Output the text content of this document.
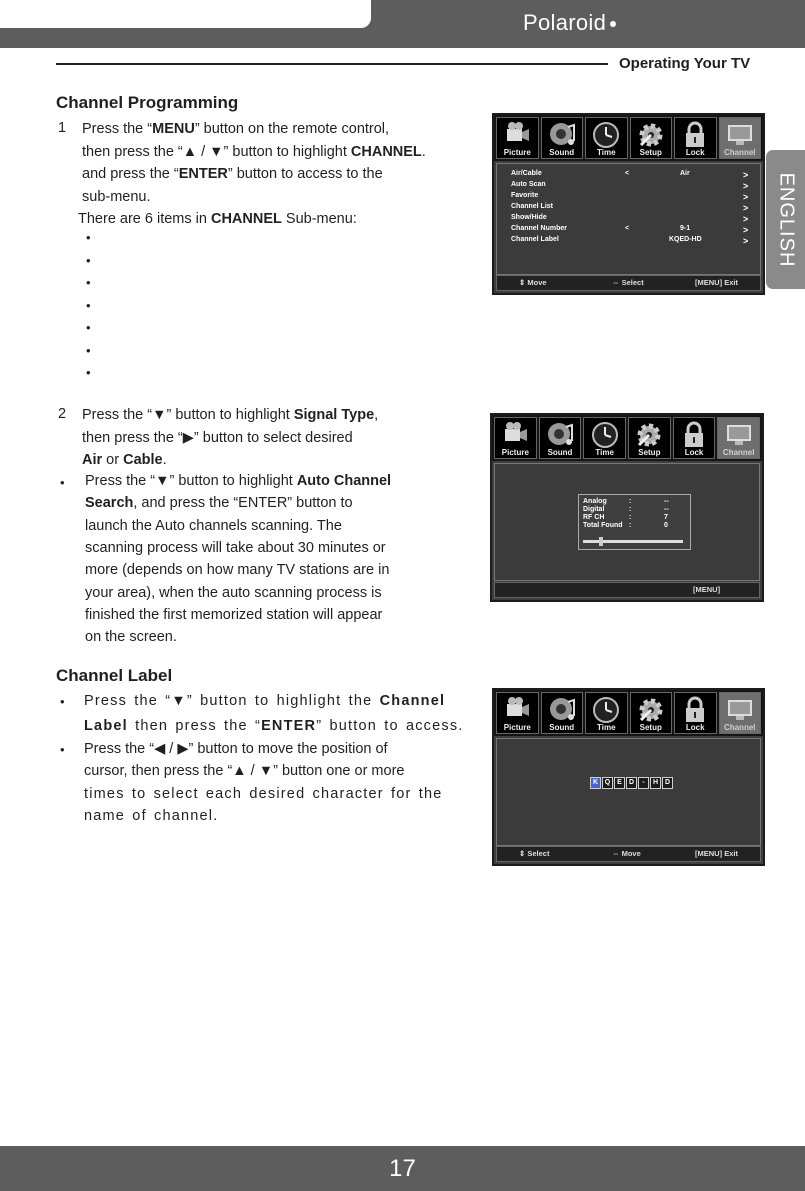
Polaroid
Operating Your TV
ENGLISH
Channel Programming
1 Press the “MENU” button on the remote control,
then press the “▲ / ▼” button to highlight CHANNEL.
and press the “ENTER” button to access to the
sub-menu.
There are 6 items in CHANNEL Sub-menu:
•
•
•
•
•
•
•
2 Press the “▼” button to highlight Signal Type,
then press the “▶” button to select desired
Air or Cable.
• Press the “▼” button to highlight Auto Channel
Search, and press the “ENTER” button to
launch the Auto channels scanning. The
scanning process will take about 30 minutes or
more (depends on how many TV stations are in
your area), when the auto scanning process is
finished the first memorized station will appear
on the screen.
Channel Label
• Press the “▼” button to highlight the Channel
Label then press the “ENTER” button to access.
• Press the “◀ / ▶” button to move the position of
cursor, then press the “▲ / ▼” button one or more
times to select each desired character for the
name of channel.
Picture	Sound	Time	Setup	Lock	Channel
Air/Cable	<	Air	>
Auto Scan	>
Favorite	>
Channel List	>
Show/Hide	>
Channel Number	<	9-1	>
Channel Label	KQED-HD	>
⇕ Move	⇔ Select	[MENU] Exit
Picture	Sound	Time	Setup	Lock	Channel
Analog	:	--
Digital	:	--
RF CH	:	7
Total Found :	0
[MENU]
Picture	Sound	Time	Setup	Lock	Channel
K Q E	D	-	H D
⇕ Select	⇔ Move	[MENU] Exit
17
